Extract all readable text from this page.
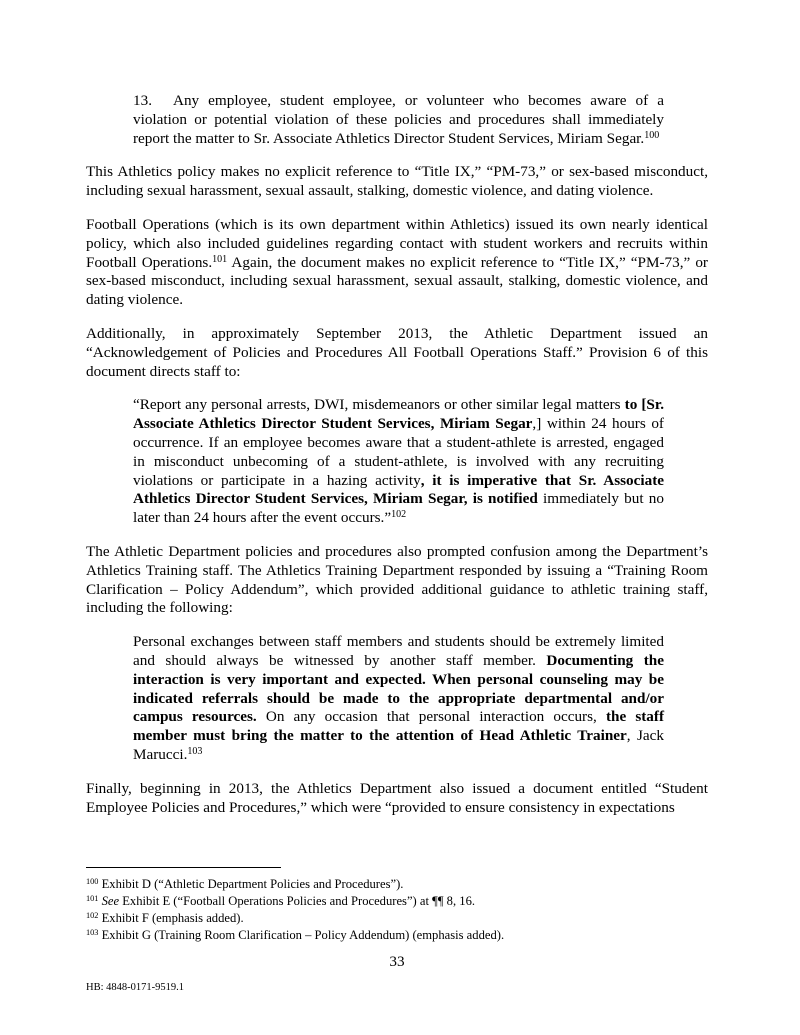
13. Any employee, student employee, or volunteer who becomes aware of a violation or potential violation of these policies and procedures shall immediately report the matter to Sr. Associate Athletics Director Student Services, Miriam Segar.$^{100}$

This Athletics policy makes no explicit reference to “Title IX,” “PM-73,” or sex-based misconduct, including sexual harassment, sexual assault, stalking, domestic violence, and dating violence.

Football Operations (which is its own department within Athletics) issued its own nearly identical policy, which also included guidelines regarding contact with student workers and recruits within Football Operations.$^{101}$ Again, the document makes no explicit reference to “Title IX,” “PM-73,” or sex-based misconduct, including sexual harassment, sexual assault, stalking, domestic violence, and dating violence.

Additionally, in approximately September 2013, the Athletic Department issued an “Acknowledgement of Policies and Procedures All Football Operations Staff.” Provision 6 of this document directs staff to:

“Report any personal arrests, DWI, misdemeanors or other similar legal matters to [Sr. Associate Athletics Director Student Services, Miriam Segar,] within 24 hours of occurrence. If an employee becomes aware that a student-athlete is arrested, engaged in misconduct unbecoming of a student-athlete, is involved with any recruiting violations or participate in a hazing activity, it is imperative that Sr. Associate Athletics Director Student Services, Miriam Segar, is notified immediately but no later than 24 hours after the event occurs.”$^{102}$

The Athletic Department policies and procedures also prompted confusion among the Department’s Athletics Training staff. The Athletics Training Department responded by issuing a “Training Room Clarification – Policy Addendum”, which provided additional guidance to athletic training staff, including the following:

Personal exchanges between staff members and students should be extremely limited and should always be witnessed by another staff member. Documenting the interaction is very important and expected. When personal counseling may be indicated referrals should be made to the appropriate departmental and/or campus resources. On any occasion that personal interaction occurs, the staff member must bring the matter to the attention of Head Athletic Trainer, Jack Marucci.$^{103}$

Finally, beginning in 2013, the Athletics Department also issued a document entitled “Student Employee Policies and Procedures,” which were “provided to ensure consistency in expectations

$^{100}$ Exhibit D (“Athletic Department Policies and Procedures”).
$^{101}$ See Exhibit E (“Football Operations Policies and Procedures”) at ¶¶ 8, 16.
$^{102}$ Exhibit F (emphasis added).
$^{103}$ Exhibit G (Training Room Clarification – Policy Addendum) (emphasis added).
33
HB: 4848-0171-9519.1
